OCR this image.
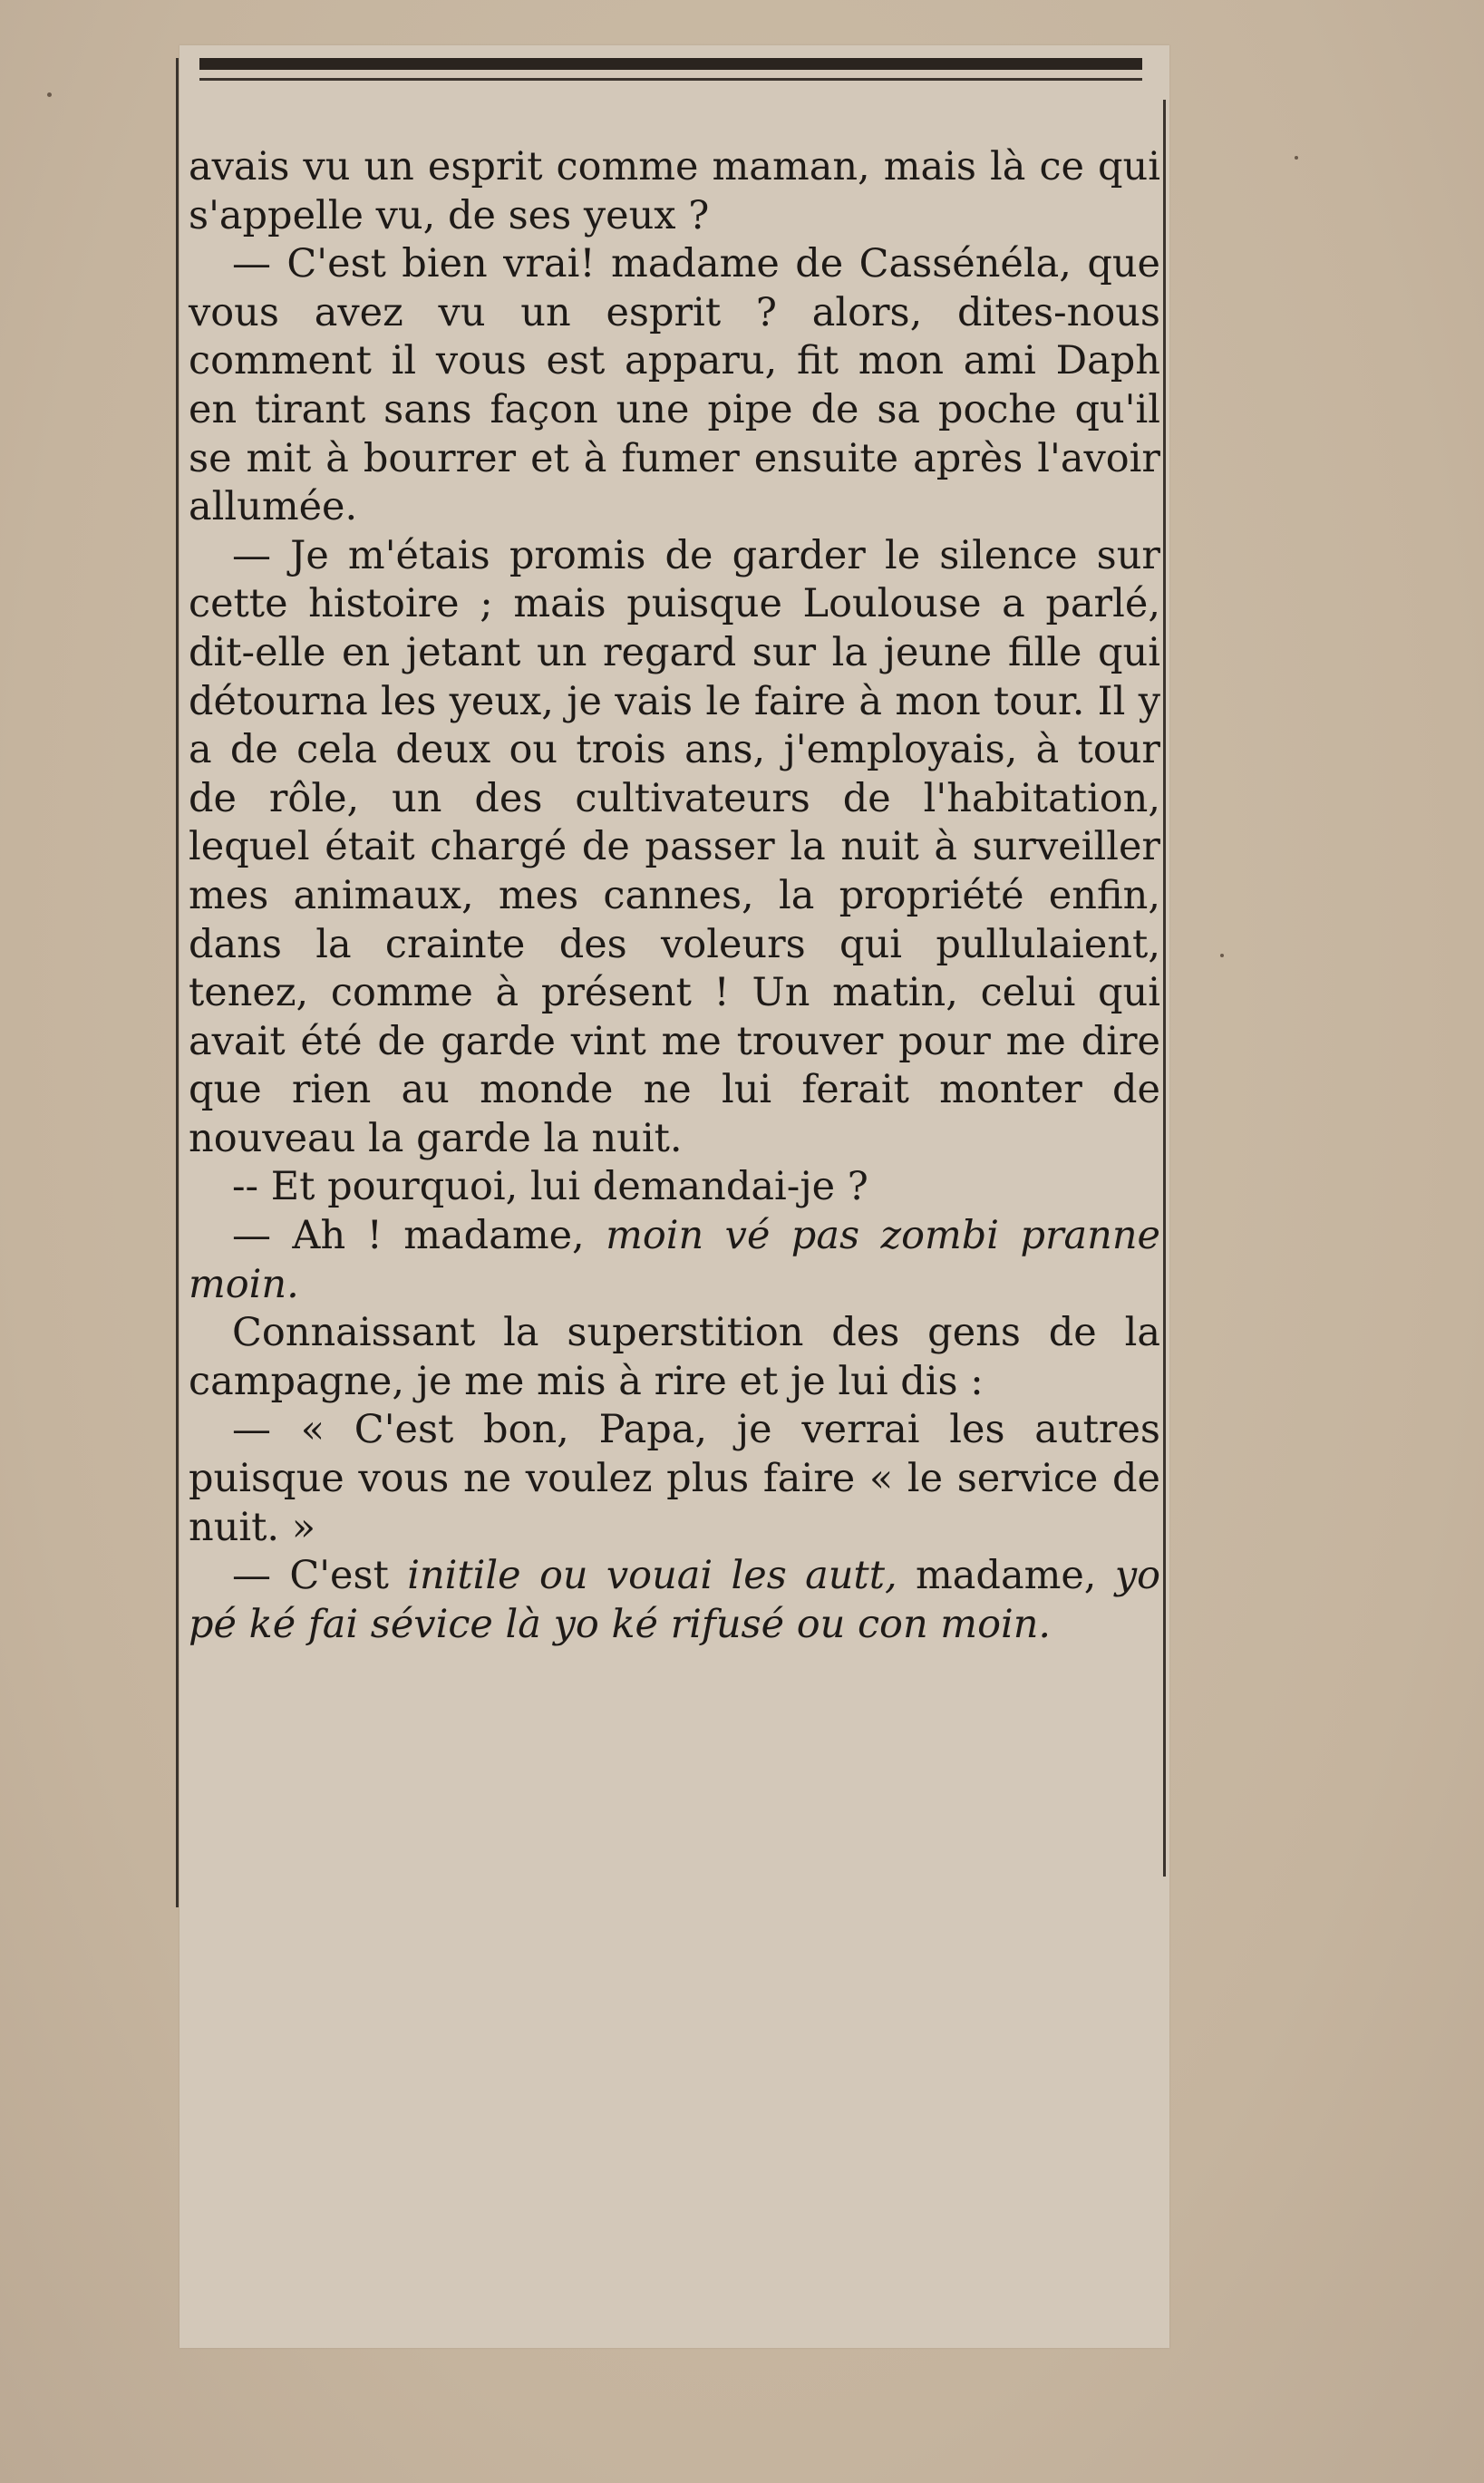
avais vu un esprit comme maman, mais là ce qui s'appelle vu, de ses yeux ?

— C'est bien vrai! madame de Cassénéla, que vous avez vu un esprit ? alors, dites-nous comment il vous est apparu, fit mon ami Daph en tirant sans façon une pipe de sa poche qu'il se mit à bourrer et à fumer ensuite après l'avoir allumée.

— Je m'étais promis de garder le silence sur cette histoire ; mais puisque Loulouse a parlé, dit-elle en jetant un regard sur la jeune fille qui détourna les yeux, je vais le faire à mon tour. Il y a de cela deux ou trois ans, j'employais, à tour de rôle, un des cultivateurs de l'habitation, lequel était chargé de passer la nuit à surveiller mes animaux, mes cannes, la propriété enfin, dans la crainte des voleurs qui pullulaient, tenez, comme à présent ! Un matin, celui qui avait été de garde vint me trouver pour me dire que rien au monde ne lui ferait monter de nouveau la garde la nuit.

-- Et pourquoi, lui demandai-je ?

— Ah ! madame, moin vé pas zombi pranne moin.

Connaissant la superstition des gens de la campagne, je me mis à rire et je lui dis :

— « C'est bon, Papa, je verrai les autres puisque vous ne voulez plus faire « le service de nuit. »

— C'est initile ou vouai les autt, madame, yo pé ké fai sévice là yo ké rifusé ou con moin.
